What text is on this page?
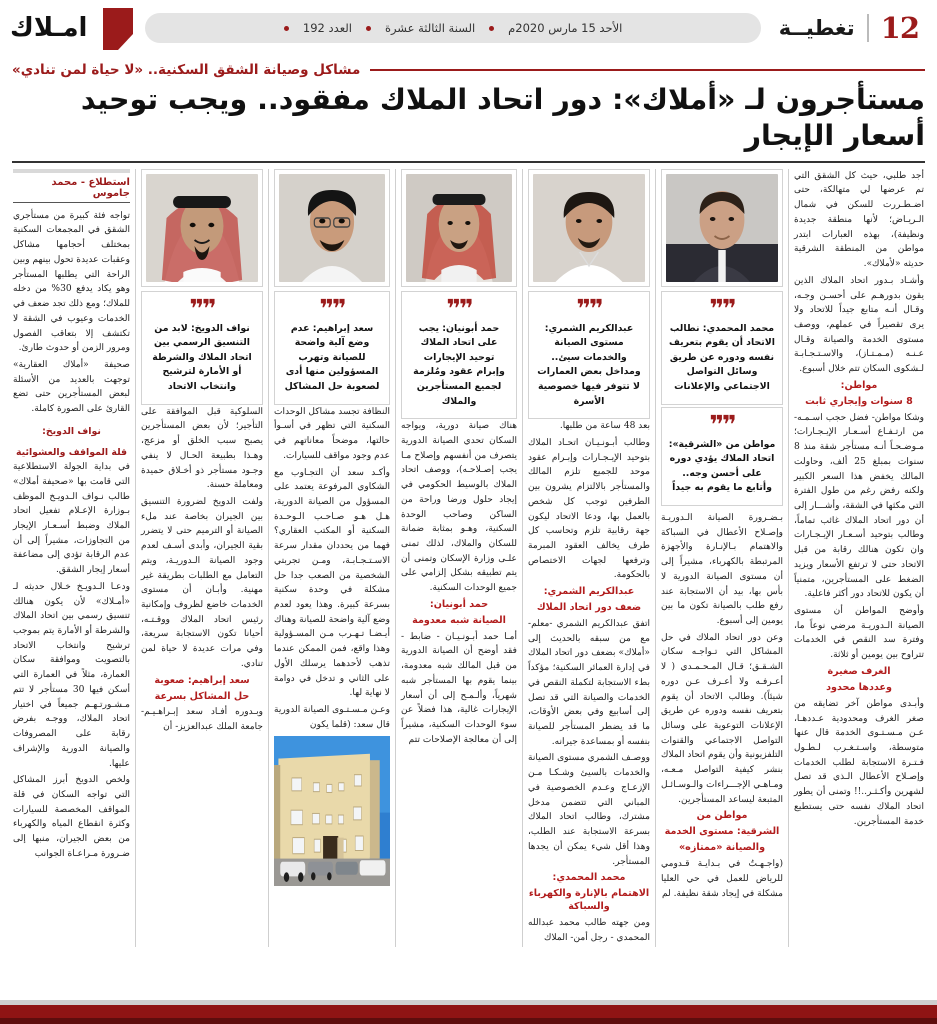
12
تغطيــة
الأحد 15 مارس 2020م
السنة الثالثة عشرة
العدد 192
امـلاك
مشاكل وصيانة الشقق السكنية.. «لا حياة لمن تنادي»
مستأجرون لـ «أملاك»: دور اتحاد الملاك مفقود.. ويجب توحيد أسعار الإيجار
أجد طلبي، حيث كل الشقق التي تم عرضها لي متهالكة، حتى اضـطـررت للسكن في شمال الـريـاض؛ لأنها منطقة جديدة ونظيفة)، بهذه العبارات ابتدر مواطن من المنطقة الشرقية حديثه «لأملاك».
وأشـاد بـدور اتحاد الملاك الذين يقون بدورهـم على أحسـن وجـه، وقـال أنـه متابع جيداً للاتحاد ولا يرى تقصيراً في عملهم، ووصف مستوى الخدمة والصيانة وقـال عـنـه (مـمـتـاز)، والاسـتـجـابـة لـشكوى السكان تتم خلال أسبوع.
مواطن:
8 سنوات وإيجاري ثابت
وشكا مواطن- فضل حجب اسـمـه- من ارتـفـاع أسـعـار الإيـجـارات؛ مـوضـحـاً أنـه مستأجر شقة منذ 8 سنوات بمبلغ 25 ألف، وحاولت المالك يخفض هذا السعر الكبير ولكنه رفض رغم من طول الفترة التي مكثها في الشقة، وأشـــار إلى أن دور اتحاد الملاك غائب تماماً، وطالب بتوحيد أسـعـار الإيـجـارات وان تكون هنالك رقابة من قبل الاتحاد حتى لا ترتفع الأسعار ويزيد الضغط على المستأجرين، متمنياً أن يكون للاتحاد دور أكثر فاعلية.
وأوضح المواطن أن مستوى الصيانة الـدوريـة مرضي نوعاً ما، وفترة سد النقص في الخدمات تتراوح بين يومين أو ثلاثة.
الغرف صغيرة
وعددها محدود
وأبـدى مواطن آخر تضايقه من صغر الغرف ومحدودية عـددهـا، عـن مـسـتـوى الخدمة قال عنها متوسطة، واسـتـغـرب لـطـول فـتـرة الاستجابة لطلب الخدمات وإصـلاح الأعطال الـذي قد تصل لشهرين وأكـثـر..!! وتمنى أن يطور اتحاد الملاك نفسه حتى يستطيع خدمة المستأجرين.
❞❞
محمد المحمدي: نطالب الاتحاد أن يقوم بتعريف نفسه ودوره عن طريق وسائل التواصل الاجتماعي والإعلانات
❞❞
مواطن من «الشرقية»: اتحاد الملاك يؤدي دوره على أحسن وجه.. وأتابع ما يقوم به جيداً
بـضـرورة الصيانة الـدوريـة وإصـلاح الأعطال في السباكة والاهتمام بـالإنـارة والأجهزة المرتبطة بالكهرباء، مشيراً إلى أن مستوى الصيانة الدورية لا بأس بها، بيد أن الاستجابة عند رفع طلب بالصيانة تكون ما بين يومين إلى أسبوع.
وعن دور اتحاد الملاك في حل المشاكل التي تـواجـه سكان الشـقـق؛ قـال المـحـمـدي ( لا أعـرفـه ولا أعـرف عـن دوره شيئاً). وطالب الاتحاد أن يقوم بتعريف نفسه ودوره عن طريق الإعلانات التوعوية على وسائل التواصل الاجتماعي والقنوات التلفزيونية وأن يقوم اتحاد الملاك بنشر كيفية التواصل مـعـه، ومـاهـي الإجـــراءات والـوسـائـل المتبعة ليساعد المستأجرين.
مواطن من
الشرقية: مستوى الخدمة
والصيانة «ممتازه»
(واجـهـتُ في بـدايـة قـدومي للرياض للعمل في حي العليا مشكلة في إيجاد شقة نظيفة. لم
❞❞
عبدالكريم الشمري: مستوى الصيانة والخدمات سيئ.. ومداخل بعض العمارات لا تتوفر فيها خصوصية الأسرة
بعد 48 ساعة من طلبها.
وطالب أبـونـيـان اتحـاد الملاك بتوحيد الإيـجـارات وإبـرام عقود موحد للجميع تلزم المالك والمستأجر بالالتزام يشرون بين الطرفين توجب كل شخص بالعمل بها، ودعا الاتحاد ليكون جهة رقابية تلزم وتحاسب كل طرف يخالف العقود المبرمة وترفعها لجهات الاختصاص بالحكومة.
عبدالكريم الشمري:
ضعف دور اتحاد الملاك
اتفق عبدالكريم الشمري -معلم- مع من سبقه بالحديث إلى «أملاك» بضعف دور اتحاد الملاك في إدارة العمائر السكنية؛ مؤكداً بطء الاستجابة لتكملة النقص في الخدمات والصيانة التي قد تصل إلى أسابيع وفي بعض الأوقات، ما قد يضطر المستأجر للصيانة بنفسه أو بمساعدة جيرانه.
ووصـف الشمري مستوى الصيانة والخدمات بالسيئ وشـكـا مـن الإزعـاج وعـدم الخصوصية في المباني التي تتضمن مدخل مشترك، وطالب اتحاد الملاك بسرعة الاستجابة عند الطلب، وهذا أقل شيء يمكن أن يجدها المستأجر.
محمد المحمدي:
الاهتمام بالإنارة والكهرباء والسباكة
ومن جهته طالب محمد عبدالله المحمدي - رجل أمن- الملاك
❞❞
حمد أبونيان: يجب على اتحاد الملاك توحيد الإيجارات وإبرام عقود ومُلزمة لجميع المستأجرين والملاك
هناك صيانة دورية، ويواجه السكان تحدي الصيانة الدورية يتصرف من أنفسهم وإصلاح مـا يجب إصـلاحـه)، ووصف اتحاد الملاك بالوسيط الحكومي في إيجاد حلول ورضا وراحة من الساكن وصاحب الوحدة السكنية، وهـو بمثابة ضمانة للسكان والملاك، لذلك تمنى علـى وزارة الإسكان وتمنى أن يتم تطبيقه بشكل إلزامي على جميع الوحدات السكنية.
حمد أبونيان:
الصيانة شبه معدومة
أمـا حمد أبـونـيـان - ضابط - فقد أوضح أن الصيانة الدورية من قبل المالك شبه معدومة، بينما يقوم بها المستأجر شبه شهرياً، وألـمـح إلى أن أسعار الإيجارات غالية، هذا فضلاً عن سوء الوحدات السكنية، مشيراً إلى أن معالجة الإصلاحات تتم
❞❞
سعد إبراهيم: عدم وضع آلية واضحة للصيانة وتهرب المسؤولين منها أدى لصعوبة حل المشاكل
النظافة تجسد مشاكل الوحدات السكنية التي تظهر في أسـوأ حالتها، موضحاً معاناتهم في عدم وجود مواقف للسيارات.
وأكـد سعد أن التجـاوب مع الشكاوي المرفوعة يعتمد على المسؤول من الصيانة الدورية، هـل هـو صـاحـب الـوحـدة السكنية أو المكتب العقاري؟ فهما من يحددان مقدار سرعة الاسـتـجـابـة، ومـن تجربتي الشخصية من الصعب جدا حل مشكلة في وحدة سكنية بسرعة كبيرة. وهذا يعود لعدم وضع آلية واضحة للصيانة وهناك أيـضـا تـهـرب مـن المسـؤولية وهذا واقع، فمن الممكن عندما تذهب لأحدهما يرسلك الأول على الثاني و تدخل في دوامة لا نهاية لها.
وعـن مـسـتـوى الصيانة الدورية قال سعد: (قلما يكون
❞❞
نواف الدويخ: لابد من التنسيق الرسمي بين اتحاد الملاك والشرطة أو الأمارة لترشيح وانتخاب الاتحاد
السلوكية قبل الموافقة على التأجير؛ لأن بعض المستأجرين يصبح سبب الخلق أو مزعج، وهـذا بطبيعة الحـال لا ينفي وجـود مستأجر ذو أخـلاق حميدة ومعاملة حسنة.
ولفت الدويخ لضرورة التنسيق بين الجيران بخاصة عند ملء الصيانة أو الترميم حتى لا يتضرر بقية الجيران، وأبدى أسـف لعدم وجود الصيانة الـدوريـة، ويتم التعامل مع الطلبات بطريقة غير مهنية. وأبـان أن مستوى الخدمات خاضع لظروف وإمكانية رئيس اتحاد الملاك ووقـتـه، أحيانا تكون الاستجابة سريعة، وفي مرات عديدة لا حياة لمن تنادي.
سعد إبراهيم: صعوبة
حل المشاكل بسرعة
وبـدوره أفـاد سعد إبـراهـيـم- جامعة الملك عبدالعزيز- أن
استطلاع - محمد جاموس
تواجه فئة كبيرة من مستأجري الشقق في المجمعات السكنية بمختلف أحجامها مشاكل وعقبات عديدة تحول بينهم وبين الراحة التي يطلبها المستأجر وهو يكاد يدفع 30% من دخله للملاك؛ ومع ذلك تجد ضعف في الخدمات وعيوب في الشقة لا تكتشف إلا بتعاقب الفصول ومرور الزمن أو حدوث طارئ.
صحيفة «أملاك العقارية» توجهت بالعديد من الأسئلة لبعض المستأجرين حتى تضع القارئ على الصورة كاملة.
نواف الدويخ:
قلة المواقف والعشوائية
في بداية الجولة الاستطلاعية التي قامت بها «صحيفة أملاك» طالب نـواف الـدويـخ الموظف بـوزارة الإعـلام تفعيل اتحاد الملاك وضبط أسـعـار الإيجار من التجاوزات، مشيراً إلى أن عدم الرقابة تؤدي إلى مضاعفة أسعار إيجار الشقق.
ودعـا الـدويـخ خـلال حديثه لـ «أمـلاك» لأن يكون هنالك تنسيق رسمي بين اتحاد الملاك والشرطة أو الأمارة يتم بموجب ترشيح وانتخاب الاتحاد بالتصويت وموافقة سكان العمارة، مثلاً في العمارة التي أسكن فيها 30 مستأجر لا تتم مـشـورتـهـم جميعاً في اختيار اتحاد الملاك، ووجـه بفرض رقابة على المصروفات والصيانة الدورية والإشراف عليها.
ولخص الدويخ أبرز المشاكل التي تواجه السكان في قلة المواقف المخصصة للسيارات وكثرة انقطاع المياه والكهرباء من بعض الجيران، منبها إلى ضـرورة مـراعـاة الجوانب
